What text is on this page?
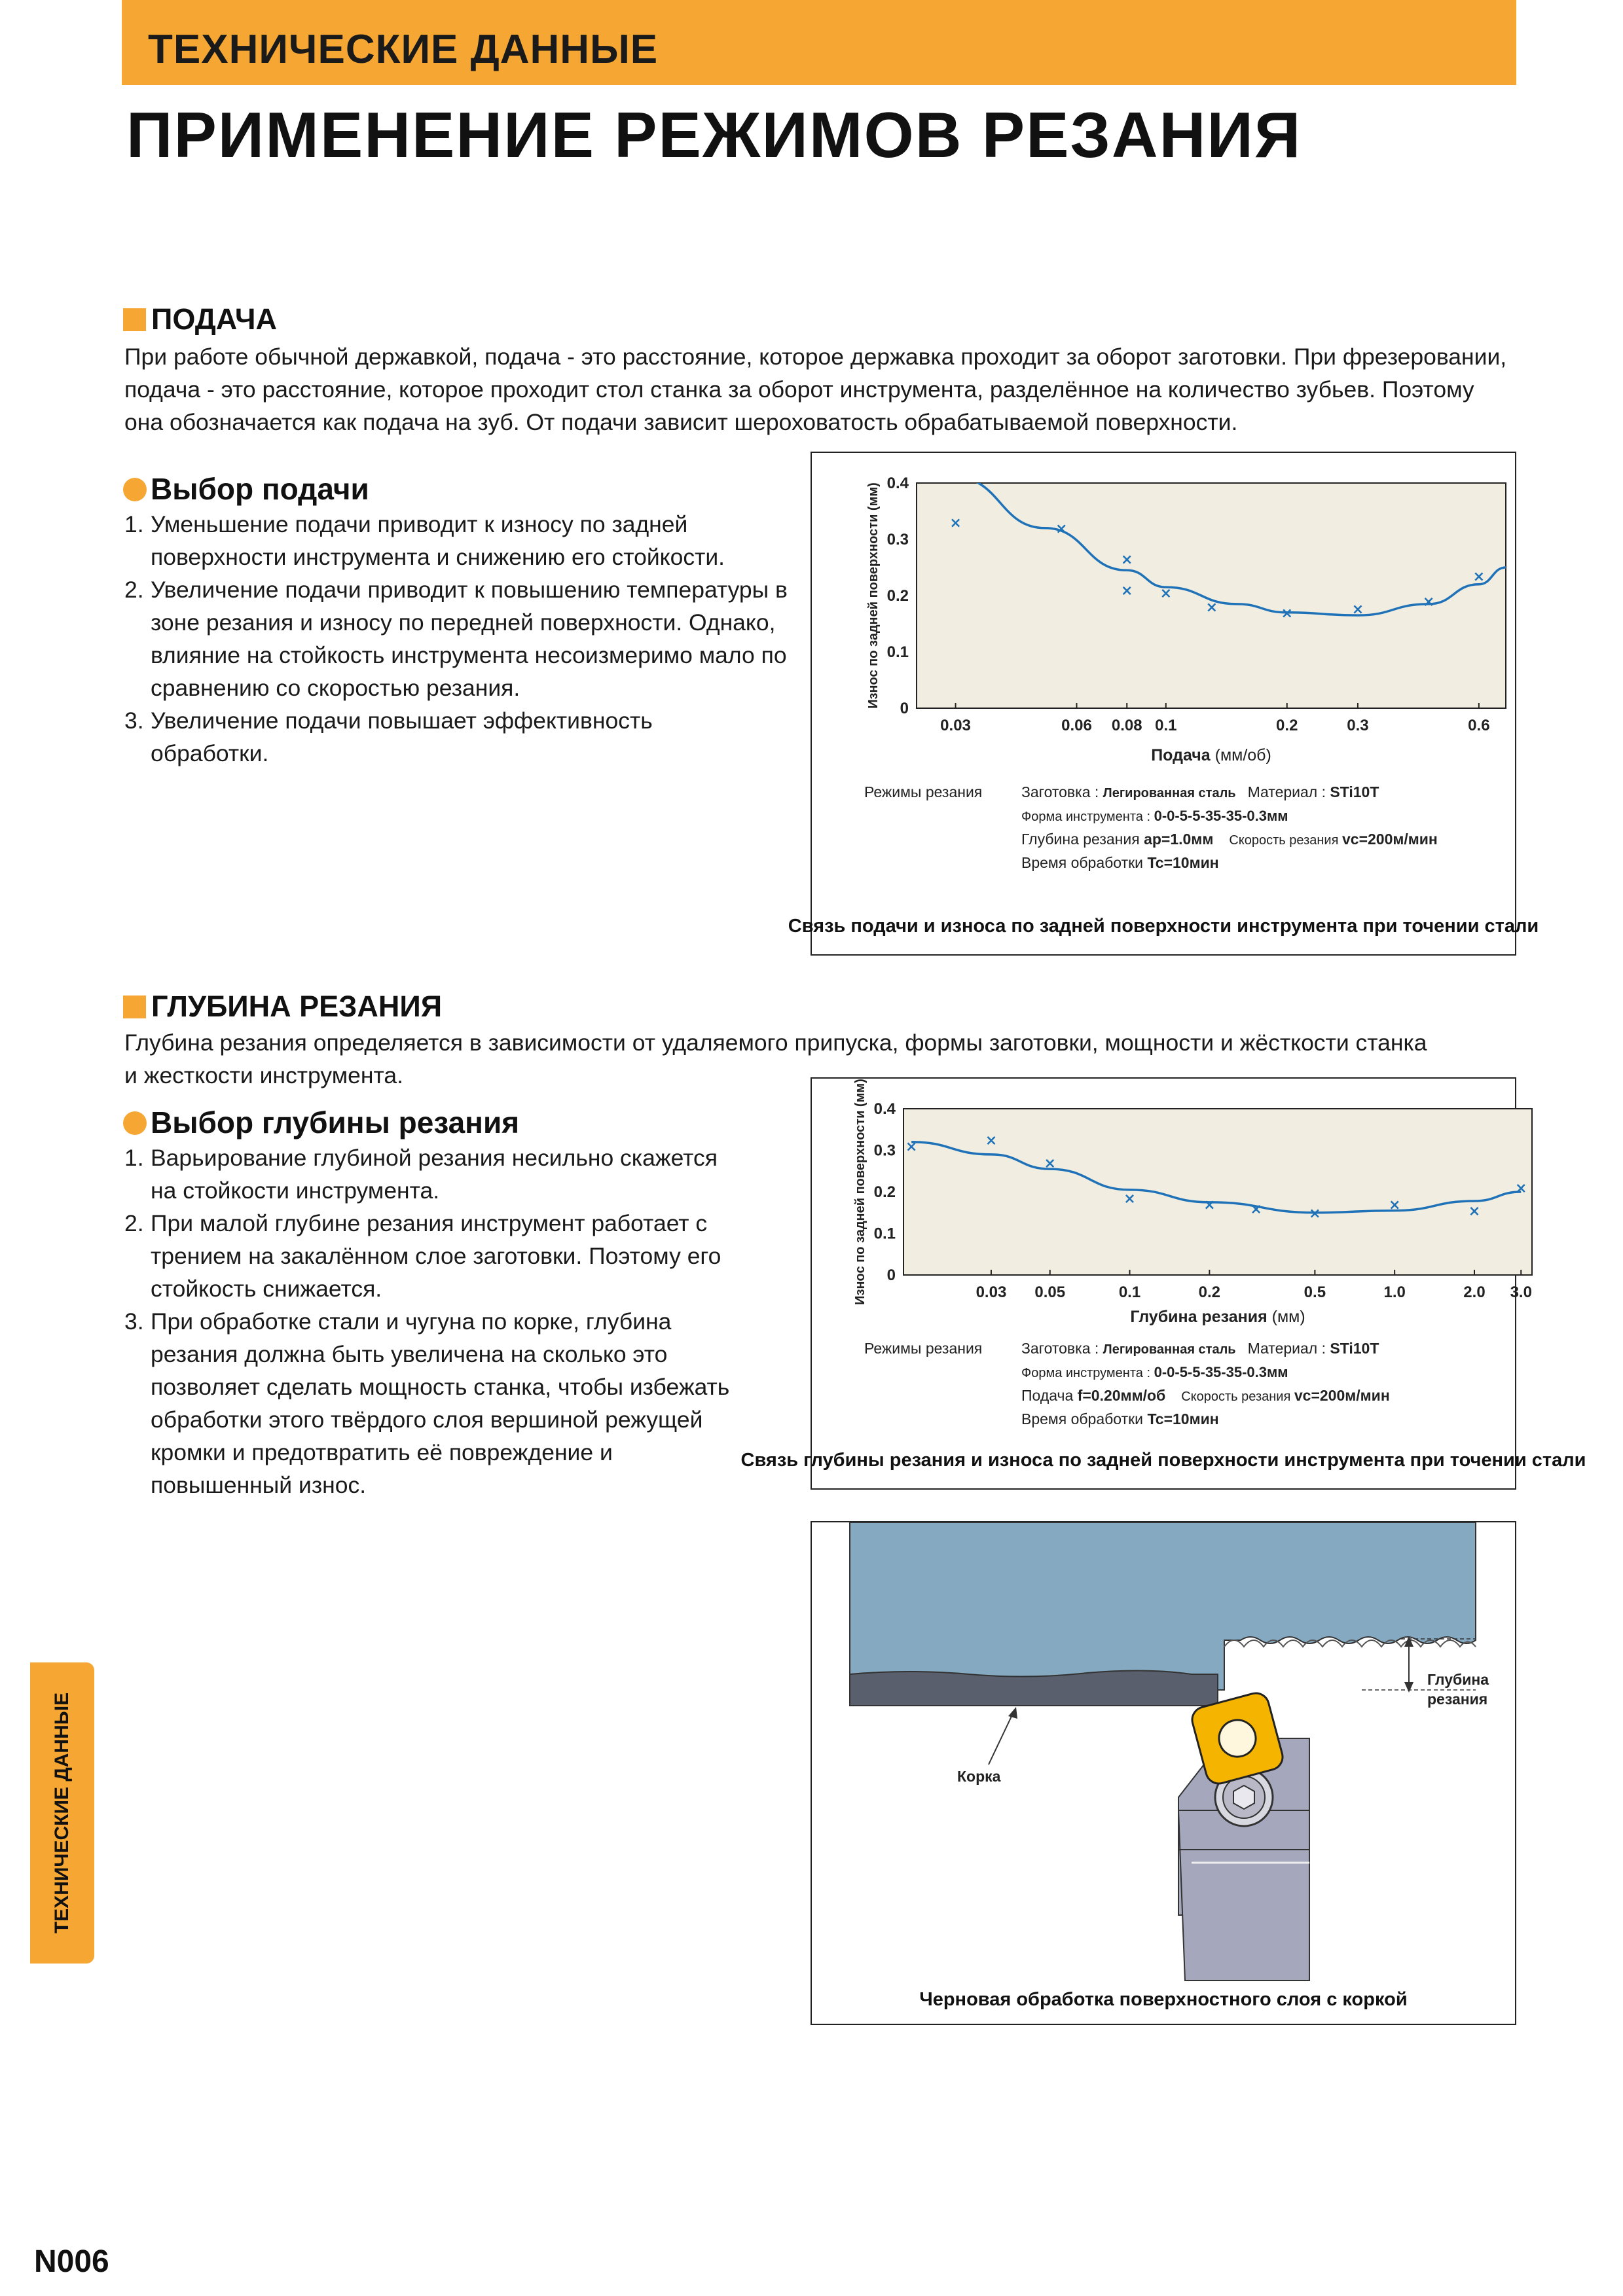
ТЕХНИЧЕСКИЕ ДАННЫЕ
ПРИМЕНЕНИЕ РЕЖИМОВ РЕЗАНИЯ
ПОДАЧА
При работе обычной державкой, подача - это расстояние, которое державка проходит за оборот заготовки. При фрезеровании,
подача - это расстояние, которое проходит стол станка за оборот инструмента, разделённое на количество зубьев. Поэтому
она обозначается как подача на зуб. От подачи зависит шероховатость обрабатываемой поверхности.
Выбор подачи
1. Уменьшение подачи приводит к износу по задней
поверхности инструмента и снижению его стойкости.
2. Увеличение подачи приводит к повышению температуры в
зоне резания и износу по передней поверхности. Однако,
влияние на стойкость инструмента несоизмеримо мало по
сравнению со скоростью резания.
3. Увеличение подачи повышает эффективность
обработки.
0
0.1
0.2
0.3
0.4
0.03	0.06 0.08 0.1	0.2	0.3	0.6
Износ по задней поверхности (мм)
Подача (мм/об)
×	×
×
× ×
×	×	×	×
×
Режимы резания	Заготовка : Легированная сталь Материал : STi10T
Форма инструмента : 0-0-5-5-35-35-0.3мм
Глубина резания ap=1.0мм Скорость резания vc=200м/мин
Время обработки Tc=10мин
Связь подачи и износа по задней поверхности инструмента при точении стали
ГЛУБИНА РЕЗАНИЯ
Глубина резания определяется в зависимости от удаляемого припуска, формы заготовки, мощности и жёсткости станка
и жесткости инструмента.
Выбор глубины резания
1. Варьирование глубиной резания несильно скажется
на стойкости инструмента.
2. При малой глубине резания инструмент работает с
трением на закалённом слое заготовки. Поэтому его
стойкость снижается.
3. При обработке стали и чугуна по корке, глубина
резания должна быть увеличена на сколько это
позволяет сделать мощность станка, чтобы избежать
обработки этого твёрдого слоя вершиной режущей
кромки и предотвратить её повреждение и
повышенный износ.
0
0.1
0.2
0.3
0.4
0.03 0.05	0.1	0.2	0.5	1.0	2.0 3.0
Износ по задней поверхности (мм)
Глубина резания (мм)
×	×
×
×	× ×	×
×	×
×
Режимы резания	Заготовка : Легированная сталь Материал : STi10T
Форма инструмента : 0-0-5-5-35-35-0.3мм
Подача f=0.20мм/об Скорость резания vc=200м/мин
Время обработки Tc=10мин
Связь глубины резания и износа по задней поверхности инструмента при точении стали
Глубина
резания
Корка
Черновая обработка поверхностного слоя с коркой
ТЕХНИЧЕСКИЕ ДАННЫЕ
N006
